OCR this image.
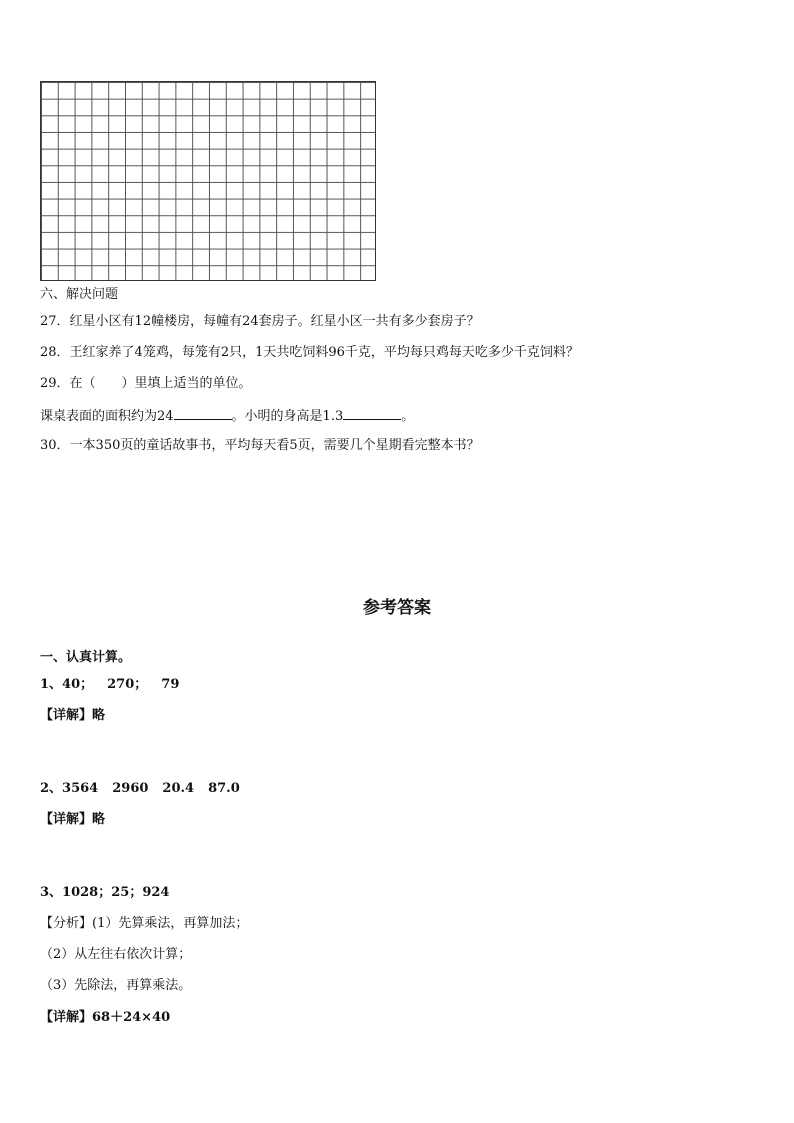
六、解决问题
27．红星小区有12幢楼房，每幢有24套房子。红星小区一共有多少套房子？
28．王红家养了4笼鸡，每笼有2只，1天共吃饲料96千克，平均每只鸡每天吃多少千克饲料？
29．在（　　）里填上适当的单位。
课桌表面的面积约为24	。小明的身高是1.3	。
30．一本350页的童话故事书，平均每天看5页，需要几个星期看完整本书？
参考答案
一、认真计算。
1、40； 270； 79
【详解】略
2、3564 2960 20.4 87.0
【详解】略
3、1028；25；924
【分析】(1）先算乘法，再算加法；
（2）从左往右依次计算；
（3）先除法，再算乘法。
【详解】68＋24×40
